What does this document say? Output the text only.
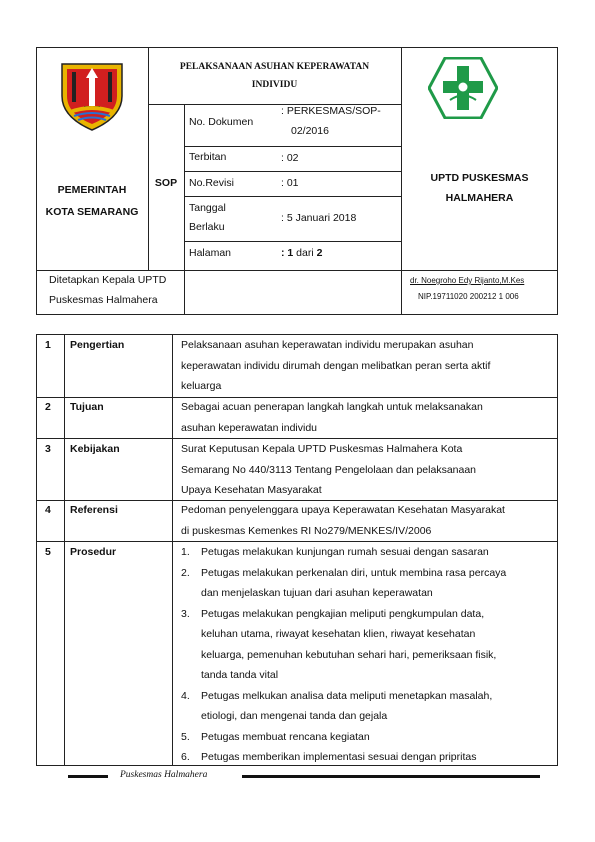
PEMERINTAH
KOTA SEMARANG
PELAKSANAAN ASUHAN KEPERAWATAN
INDIVIDU
SOP
No. Dokumen
: PERKESMAS/SOP-
02/2016
Terbitan	: 02
No.Revisi	: 01
Tanggal
Berlaku
: 5 Januari 2018
Halaman	: 1 dari 2
UPTD PUSKESMAS
HALMAHERA
Ditetapkan Kepala UPTD
Puskesmas Halmahera
dr. Noegroho Edy Rijanto,M.Kes
NIP.19711020 200212 1 006
1 Pengertian	Pelaksanaan asuhan keperawatan individu merupakan asuhan
keperawatan individu dirumah dengan melibatkan peran serta aktif
keluarga
2 Tujuan	Sebagai acuan penerapan langkah langkah untuk melaksanakan
asuhan keperawatan individu
3 Kebijakan	Surat Keputusan Kepala UPTD Puskesmas Halmahera Kota
Semarang No 440/3113 Tentang Pengelolaan dan pelaksanaan
Upaya Kesehatan Masyarakat
4 Referensi	Pedoman penyelenggara upaya Keperawatan Kesehatan Masyarakat
di puskesmas Kemenkes RI No279/MENKES/IV/2006
5 Prosedur	1. Petugas melakukan kunjungan rumah sesuai dengan sasaran
2. Petugas melakukan perkenalan diri, untuk membina rasa percaya
dan menjelaskan tujuan dari asuhan keperawatan
3. Petugas melakukan pengkajian meliputi pengkumpulan data,
keluhan utama, riwayat kesehatan klien, riwayat kesehatan
keluarga, pemenuhan kebutuhan sehari hari, pemeriksaan fisik,
tanda tanda vital
4. Petugas melkukan analisa data meliputi menetapkan masalah,
etiologi, dan mengenai tanda dan gejala
5. Petugas membuat rencana kegiatan
6. Petugas memberikan implementasi sesuai dengan pripritas
Puskesmas Halmahera
